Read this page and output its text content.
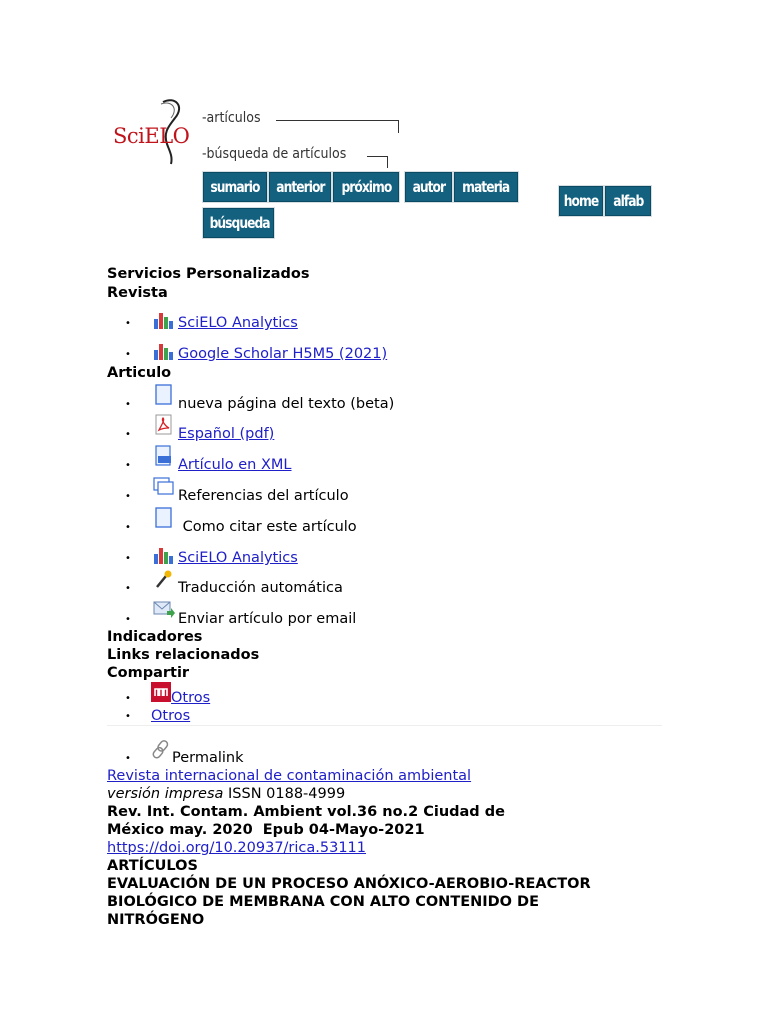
SciELO
-artículos
-búsqueda de artículos
sumario	anterior	próximo	autor	materia
búsqueda
home alfab
Servicios Personalizados
Revista
•	SciELO Analytics
•	Google Scholar H5M5 (2021)
Articulo
•	nueva página del texto (beta)
•	Español (pdf)
•	Artículo en XML
•	Referencias del artículo
•	Como citar este artículo
•	SciELO Analytics
•	Traducción automática
•	Enviar artículo por email
Indicadores
Links relacionados
Compartir
•	Otros
• Otros
•	Permalink
Revista internacional de contaminación ambiental
versión impresa ISSN 0188-4999
Rev. Int. Contam. Ambient vol.36 no.2 Ciudad de
México may. 2020  Epub 04-Mayo-2021
https://doi.org/10.20937/rica.53111
ARTÍCULOS
EVALUACIÓN DE UN PROCESO ANÓXICO-AEROBIO-REACTOR
BIOLÓGICO DE MEMBRANA CON ALTO CONTENIDO DE
NITRÓGENO
